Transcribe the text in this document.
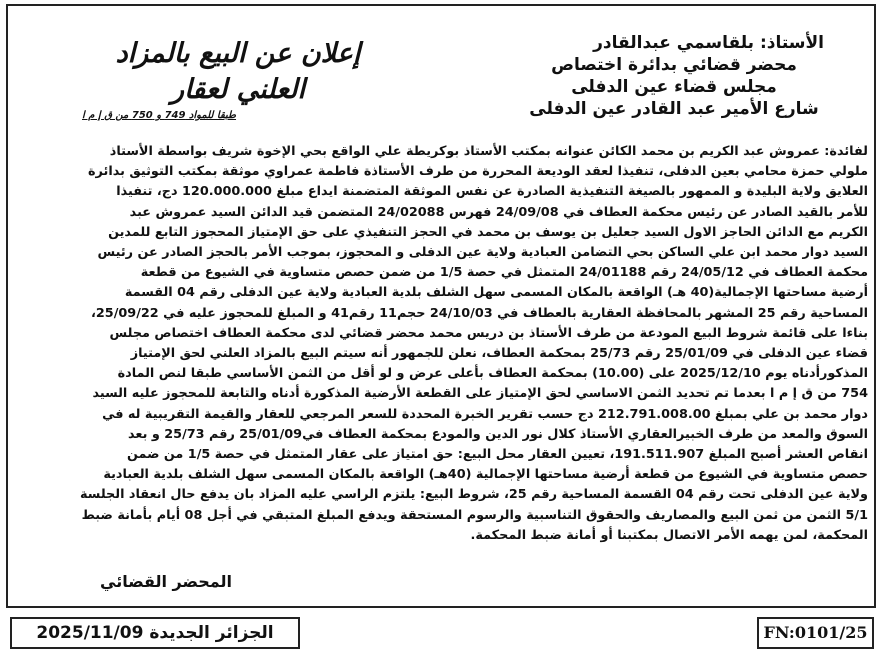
الأستاذ: بلقاسمي عبدالقادر
محضر قضائي بدائرة اختصاص
مجلس قضاء عين الدفلى
شارع الأمير عبد القادر عين الدفلى
إعلان عن البيع بالمزاد
العلني لعقار
طبقا للمواد 749 و 750 من ق إ م ا
لفائدة: عمروش عبد الكريم بن محمد الكائن عنوانه بمكتب الأستاذ بوكريطة علي الواقع بحي الإخوة شريف بواسطة الأستاذ
ملولي حمزة محامي بعين الدفلى، تنفيذا لعقد الوديعة المحررة من طرف الأستاذة فاطمة عمراوي موثقة بمكتب التوثيق بدائرة
العلايق ولاية البليدة و الممهور بالصيغة التنفيذية الصادرة عن نفس الموثقة المتضمنة ايداع مبلغ 120.000.000 دج، تنفيذا
للأمر بالقيد الصادر عن رئيس محكمة العطاف في 24/09/08 فهرس 24/02088 المتضمن قيد الدائن السيد عمروش عبد
الكريم مع الدائن الحاجز الاول السيد جعليل بن يوسف بن محمد في الحجز التنفيذي على حق الإمتياز المحجوز التابع للمدين
السيد دوار محمد ابن علي الساكن بحي التضامن العبادية ولاية عين الدفلى و المحجوز، بموجب الأمر بالحجز الصادر عن رئيس
محكمة العطاف في 24/05/12 رقم 24/01188 المتمثل في حصة 1/5 من ضمن حصص متساوية في الشيوع من قطعة
أرضية مساحتها الإجمالية(40 هـ) الواقعة بالمكان المسمى سهل الشلف بلدية العبادية ولاية عين الدفلى رقم 04 القسمة
المساحية رقم 25 المشهر بالمحافظة العقارية بالعطاف في 24/10/03 حجم11 رقم41 و المبلغ للمحجوز عليه في 25/09/22،
بناءا على قائمة شروط البيع المودعة من طرف الأستاذ بن دريس محمد محضر قضائي لدى محكمة العطاف اختصاص مجلس
قضاء عين الدفلى في 25/01/09 رقم 25/73 بمحكمة العطاف، نعلن للجمهور أنه سيتم البيع بالمزاد العلني لحق الإمتياز
المذكورأدناه يوم 2025/12/10 على (10.00) بمحكمة العطاف بأعلى عرض و لو أقل من الثمن الأساسي طبقا لنص المادة
754 من ق إ م ا بعدما تم تحديد الثمن الاساسي لحق الإمتياز على القطعة الأرضية المذكورة أدناه والتابعة للمحجوز عليه السيد
دوار محمد بن علي بمبلغ 212.791.008.00 دج حسب تقرير الخبرة المحددة للسعر المرجعي للعقار والقيمة التقريبية له في
السوق والمعد من طرف الخبيرالعقاري الأستاذ كلال نور الدين والمودع بمحكمة العطاف في25/01/09 رقم 25/73 و بعد
انقاص العشر أصبح المبلغ 191.511.907، تعيين العقار محل البيع: حق امتياز على عقار المتمثل في حصة 1/5 من ضمن
حصص متساوية في الشيوع من قطعة أرضية مساحتها الإجمالية (40هـ) الواقعة بالمكان المسمى سهل الشلف بلدية العبادية
ولاية عين الدفلى تحت رقم 04 القسمة المساحية رقم 25، شروط البيع: يلتزم الراسي عليه المزاد بان يدفع حال انعقاد الجلسة
5/1 الثمن من ثمن البيع والمصاريف والحقوق التناسبية والرسوم المستحقة ويدفع المبلغ المتبقي في أجل 08 أيام بأمانة ضبط
المحكمة، لمن يهمه الأمر الاتصال بمكتبنا أو أمانة ضبط المحكمة.
المحضر القضائي
الجزائر الجديدة 2025/11/09	FN:0101/25
